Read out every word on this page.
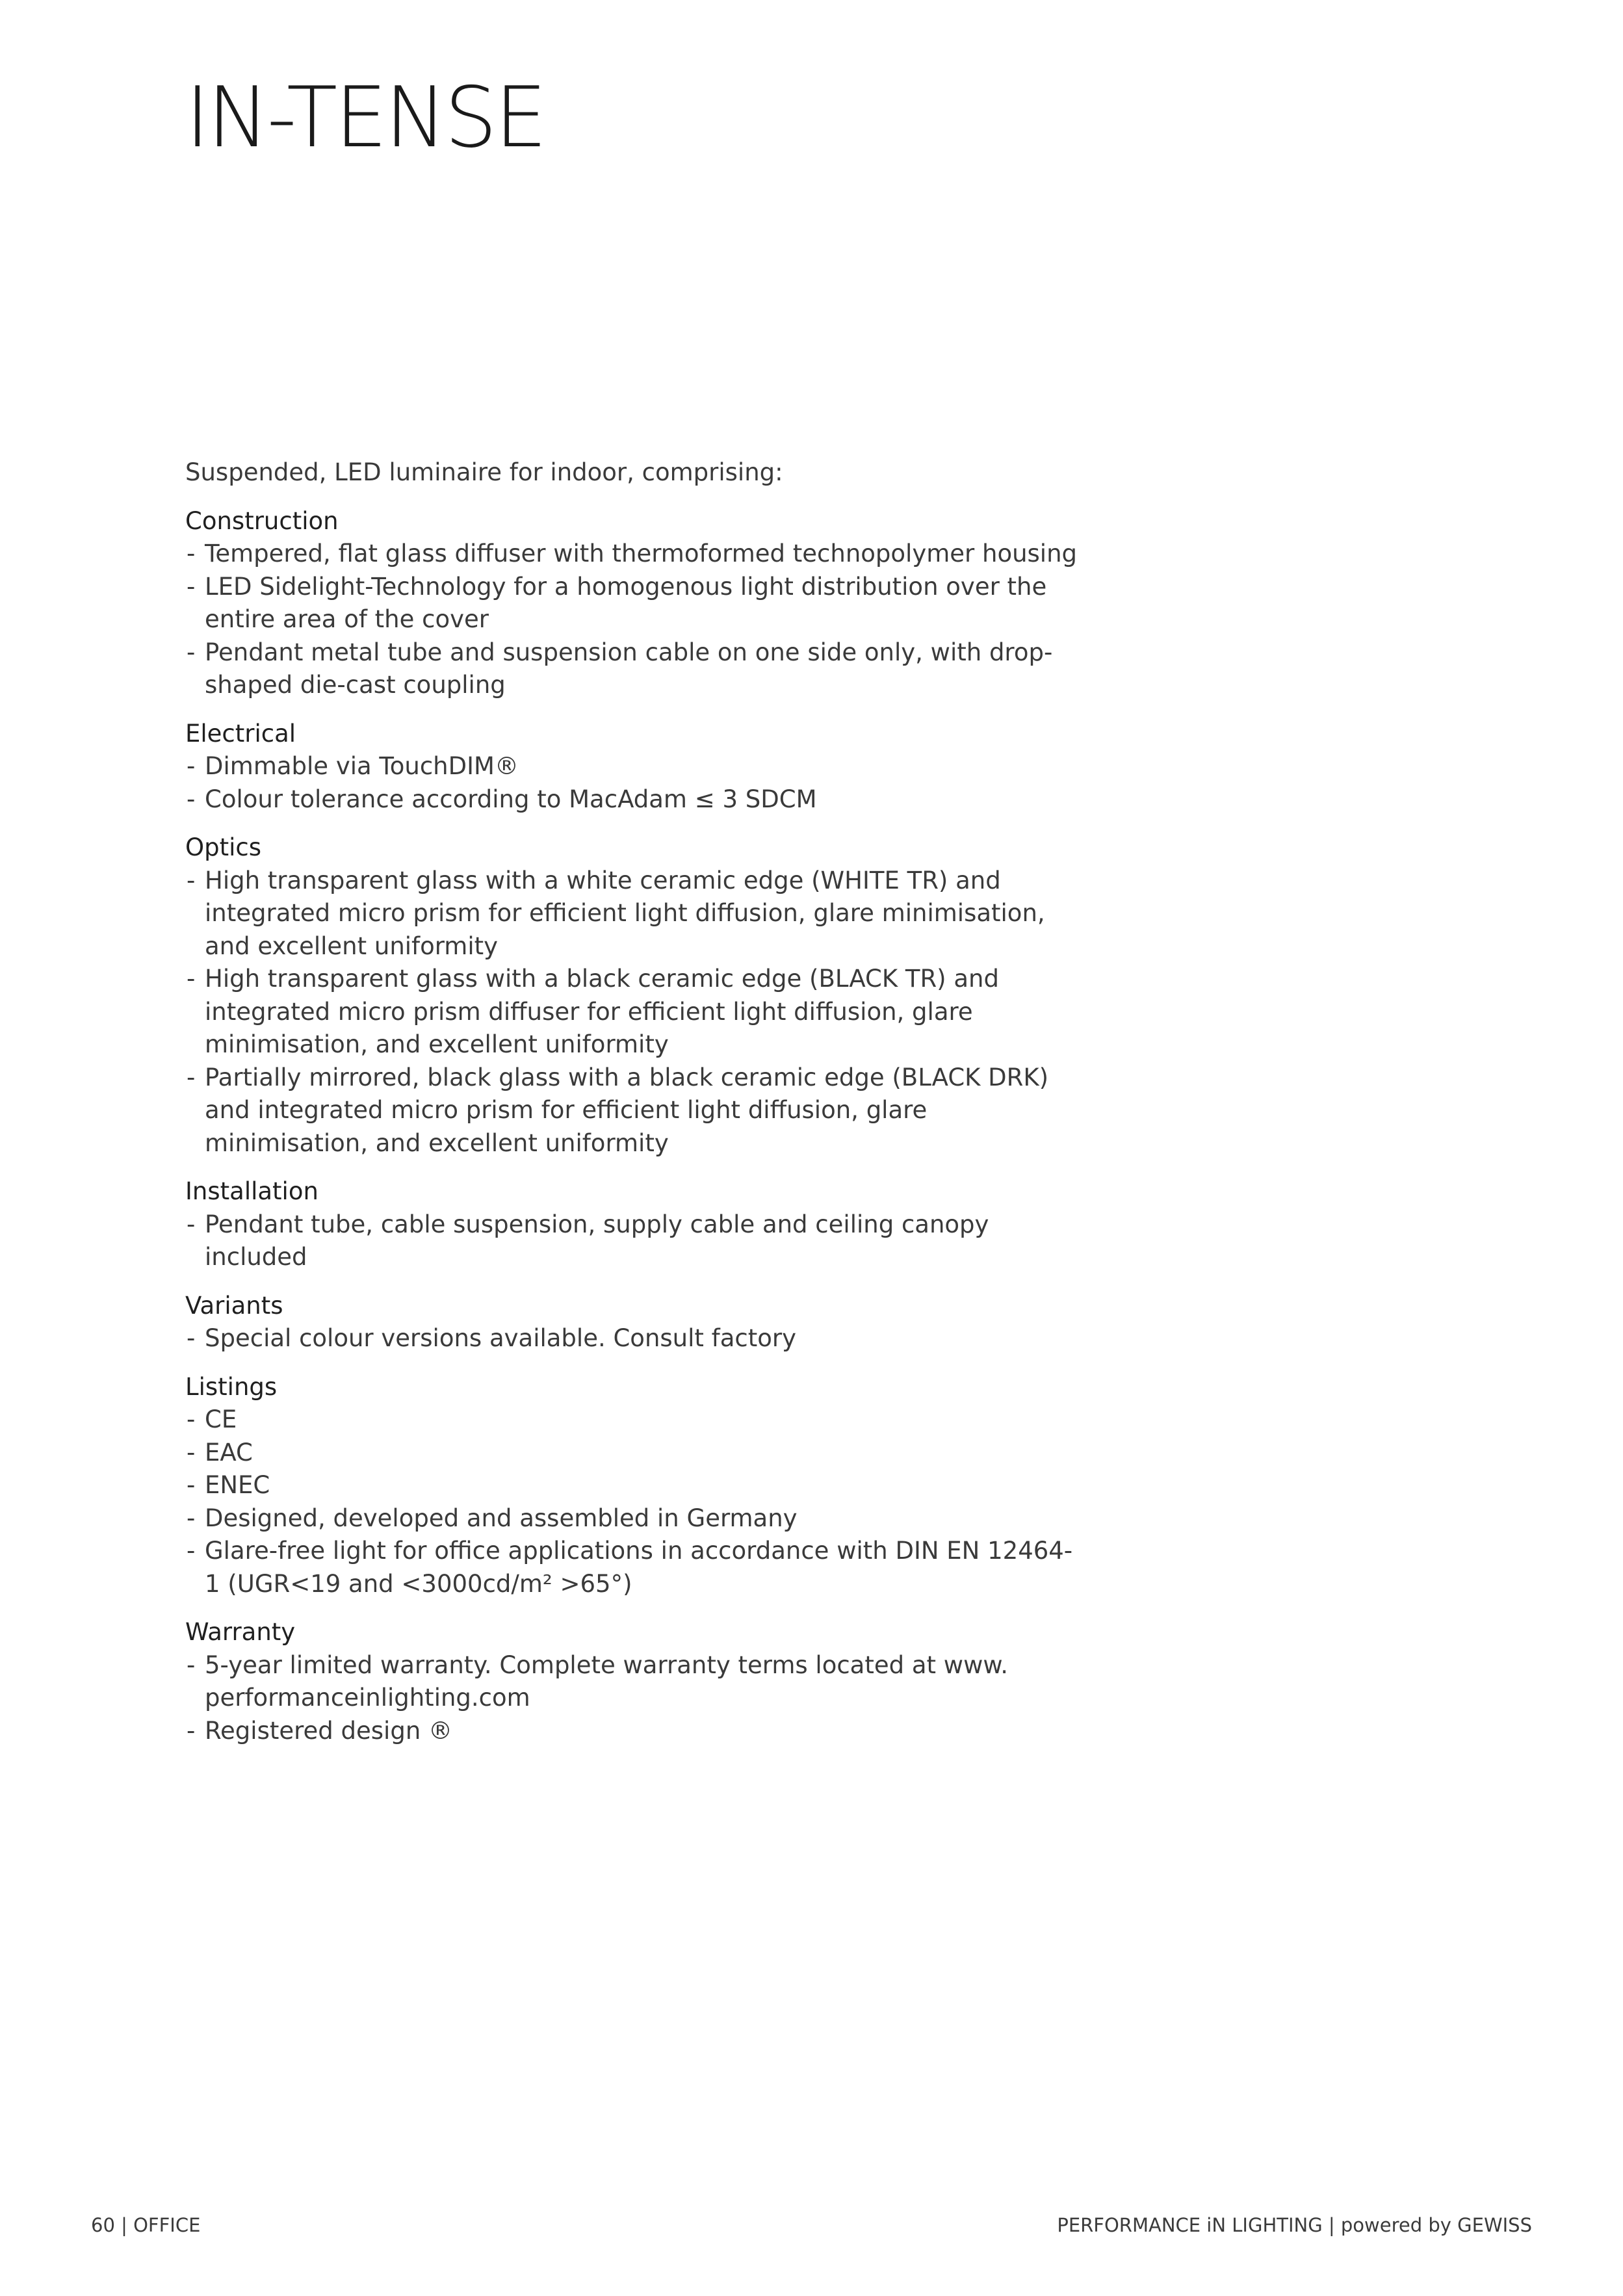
IN-TENSE

Suspended, LED luminaire for indoor, comprising:

Construction
- Tempered, flat glass diffuser with thermoformed technopolymer housing
- LED Sidelight-Technology for a homogenous light distribution over the entire area of the cover
- Pendant metal tube and suspension cable on one side only, with drop-shaped die-cast coupling
Electrical
- Dimmable via TouchDIM®
- Colour tolerance according to MacAdam ≤ 3 SDCM
Optics
- High transparent glass with a white ceramic edge (WHITE TR) and integrated micro prism for efficient light diffusion, glare minimisation, and excellent uniformity
- High transparent glass with a black ceramic edge (BLACK TR) and integrated micro prism diffuser for efficient light diffusion, glare minimisation, and excellent uniformity
- Partially mirrored, black glass with a black ceramic edge (BLACK DRK) and integrated micro prism for efficient light diffusion, glare minimisation, and excellent uniformity
Installation
- Pendant tube, cable suspension, supply cable and ceiling canopy included
Variants
- Special colour versions available. Consult factory
Listings
- CE
- EAC
- ENEC
- Designed, developed and assembled in Germany
- Glare-free light for office applications in accordance with DIN EN 12464-1 (UGR<19 and <3000cd/m² >65°)
Warranty
- 5-year limited warranty. Complete warranty terms located at www. performanceinlighting.com
- Registered design ®
60 | OFFICE	PERFORMANCE iN LIGHTING | powered by GEWISS
